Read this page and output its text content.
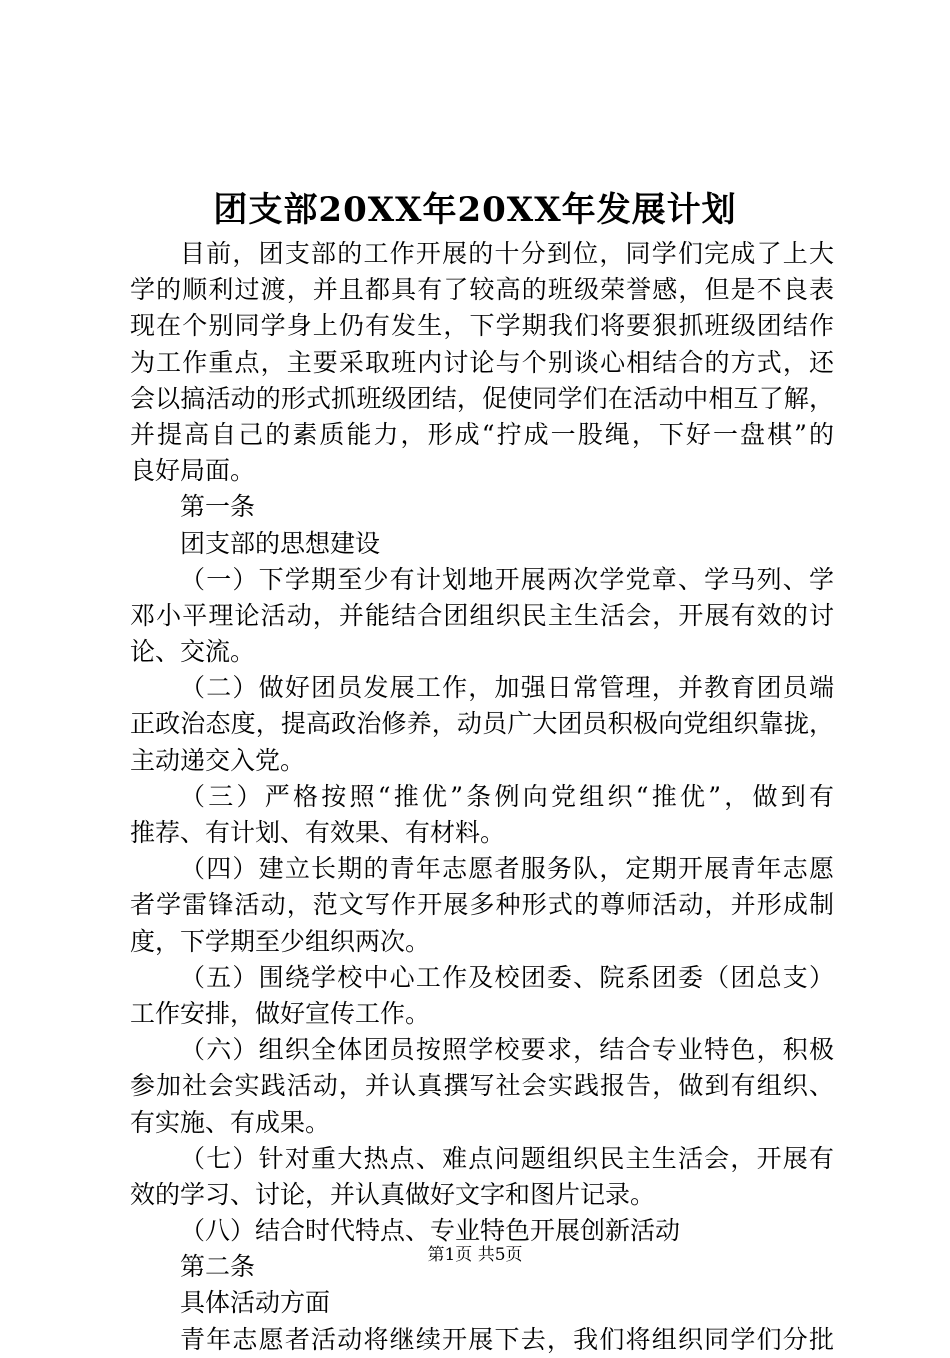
团支部20XX年20XX年发展计划
目前，团支部的工作开展的十分到位，同学们完成了上大
学的顺利过渡，并且都具有了较高的班级荣誉感，但是不良表
现在个别同学身上仍有发生，下学期我们将要狠抓班级团结作
为工作重点，主要采取班内讨论与个别谈心相结合的方式，还
会以搞活动的形式抓班级团结，促使同学们在活动中相互了解，
并提高自己的素质能力，形成“拧成一股绳，下好一盘棋”的
良好局面。
第一条
团支部的思想建设
（一）下学期至少有计划地开展两次学党章、学马列、学
邓小平理论活动，并能结合团组织民主生活会，开展有效的讨
论、交流。
（二）做好团员发展工作，加强日常管理，并教育团员端
正政治态度，提高政治修养，动员广大团员积极向党组织靠拢，
主动递交入党。
（三）严格按照“推优”条例向党组织“推优”，做到有
推荐、有计划、有效果、有材料。
（四）建立长期的青年志愿者服务队，定期开展青年志愿
者学雷锋活动，范文写作开展多种形式的尊师活动，并形成制
度，下学期至少组织两次。
（五）围绕学校中心工作及校团委、院系团委（团总支）
工作安排，做好宣传工作。
（六）组织全体团员按照学校要求，结合专业特色，积极
参加社会实践活动，并认真撰写社会实践报告，做到有组织、
有实施、有成果。
（七）针对重大热点、难点问题组织民主生活会，开展有
效的学习、讨论，并认真做好文字和图片记录。
（八）结合时代特点、专业特色开展创新活动
第二条
具体活动方面
青年志愿者活动将继续开展下去，我们将组织同学们分批
第1页 共5页
